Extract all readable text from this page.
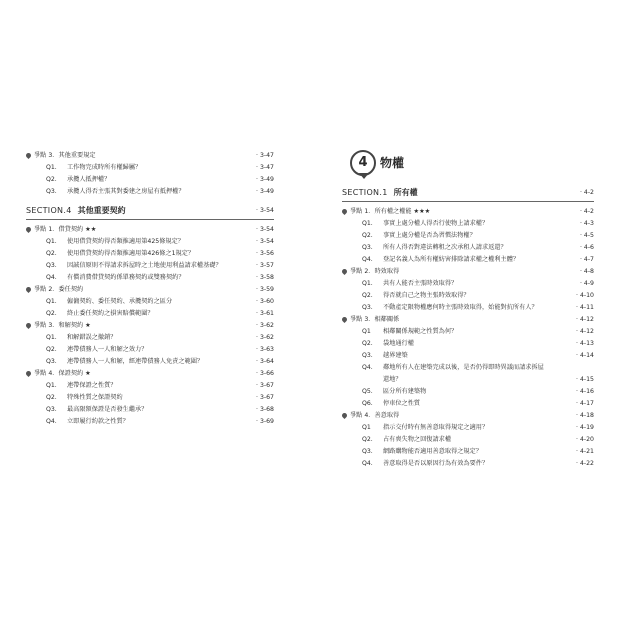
爭點 3．其他重要規定	· 3-47
Q1. 工作物完成時所有權歸屬？	· 3-47
Q2. 承攬人抵押權？	· 3-49
Q3. 承攬人得否主張其對委建之房屋有抵押權？	· 3-49
SECTION.4 其他重要契約	· 3-54
爭點 1．借貸契約 ★★	· 3-54
Q1. 使用借貸契約得否類推適用第425條規定？	· 3-54
Q2. 使用借貸契約得否類推適用第426條之1規定？	· 3-56
Q3. 因誠信原則不得請求拆屋時之土地使用利益請求權基礎？	· 3-57
Q4. 有償消費借貸契約係單務契約或雙務契約？	· 3-58
爭點 2．委任契約	· 3-59
Q1. 僱傭契約、委任契約、承攬契約之區分	· 3-60
Q2. 終止委任契約之損害賠償範圍？	· 3-61
爭點 3．和解契約 ★	· 3-62
Q1. 和解錯誤之撤銷？	· 3-62
Q2. 連帶債務人一人和解之效力？	· 3-63
Q3. 連帶債務人一人和解，經連帶債務人免責之範圍？	· 3-64
爭點 4．保證契約 ★	· 3-66
Q1. 連帶保證之性質？	· 3-67
Q2. 特殊性質之保證契約	· 3-67
Q3. 最高限額保證是否發生繼承？	· 3-68
Q4. 立即履行約款之性質？	· 3-69
4	物權
SECTION.1 所有權	· 4-2
爭點 1．所有權之權能 ★★★	· 4-2
Q1. 事實上處分權人得否行使物上請求權？	· 4-3
Q2. 事實上處分權是否為習慣法物權？	· 4-5
Q3. 所有人得否對違法轉租之次承租人請求返還？	· 4-6
Q4. 登記名義人為所有權妨害排除請求權之權利主體？	· 4-7
爭點 2．時效取得	· 4-8
Q1. 共有人能否主張時效取得？	· 4-9
Q2. 得否就自己之物主張時效取得？	· 4-10
Q3. 不動產定限物權應何時主張時效取得，始能對抗所有人？	· 4-11
爭點 3．相鄰關係	· 4-12
Q1 相鄰關係規範之性質為何？	· 4-12
Q2. 袋地通行權	· 4-13
Q3. 越界建築	· 4-14
Q4. 鄰地所有人在建築完成以後，是否仍得即時異議而請求拆屋
還地？	· 4-15
Q5. 區分所有建築物	· 4-16
Q6. 停車位之性質	· 4-17
爭點 4．善意取得	· 4-18
Q1 指示交付時有無善意取得規定之適用？	· 4-19
Q2. 占有喪失物之回復請求權	· 4-20
Q3. 網路購物能否適用善意取得之規定？	· 4-21
Q4. 善意取得是否以原因行為有效為要件？	· 4-22
